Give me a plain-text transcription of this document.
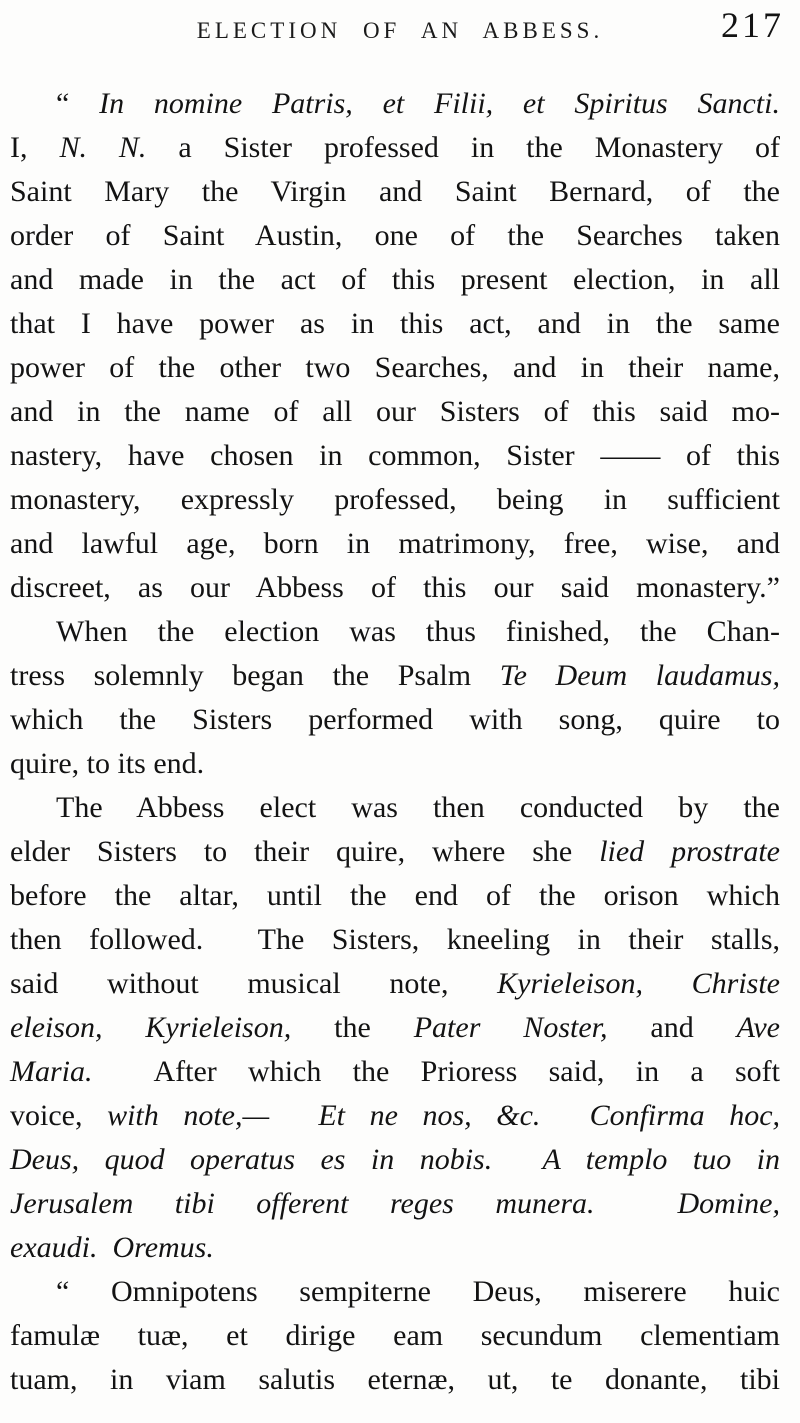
ELECTION OF AN ABBESS.	217
“ In nomine Patris, et Filii, et Spiritus Sancti.
I, N. N. a Sister professed in the Monastery of
Saint Mary the Virgin and Saint Bernard, of the
order of Saint Austin, one of the Searches taken
and made in the act of this present election, in all
that I have power as in this act, and in the same
power of the other two Searches, and in their name,
and in the name of all our Sisters of this said mo-
nastery, have chosen in common, Sister —— of this
monastery, expressly professed, being in sufficient
and lawful age, born in matrimony, free, wise, and
discreet, as our Abbess of this our said monastery.”
When the election was thus finished, the Chan-
tress solemnly began the Psalm Te Deum laudamus,
which the Sisters performed with song, quire to
quire, to its end.
The Abbess elect was then conducted by the
elder Sisters to their quire, where she lied prostrate
before the altar, until the end of the orison which
then followed.  The Sisters, kneeling in their stalls,
said without musical note, Kyrieleison, Christe
eleison, Kyrieleison, the Pater Noster, and Ave
Maria.  After which the Prioress said, in a soft
voice, with note,—  Et ne nos, &c.  Confirma hoc,
Deus, quod operatus es in nobis.  A templo tuo in
Jerusalem tibi offerent reges munera.  Domine,
exaudi.  Oremus.
“ Omnipotens sempiterne Deus, miserere huic
famulæ tuæ, et dirige eam secundum clementiam
tuam, in viam salutis eternæ, ut, te donante, tibi
